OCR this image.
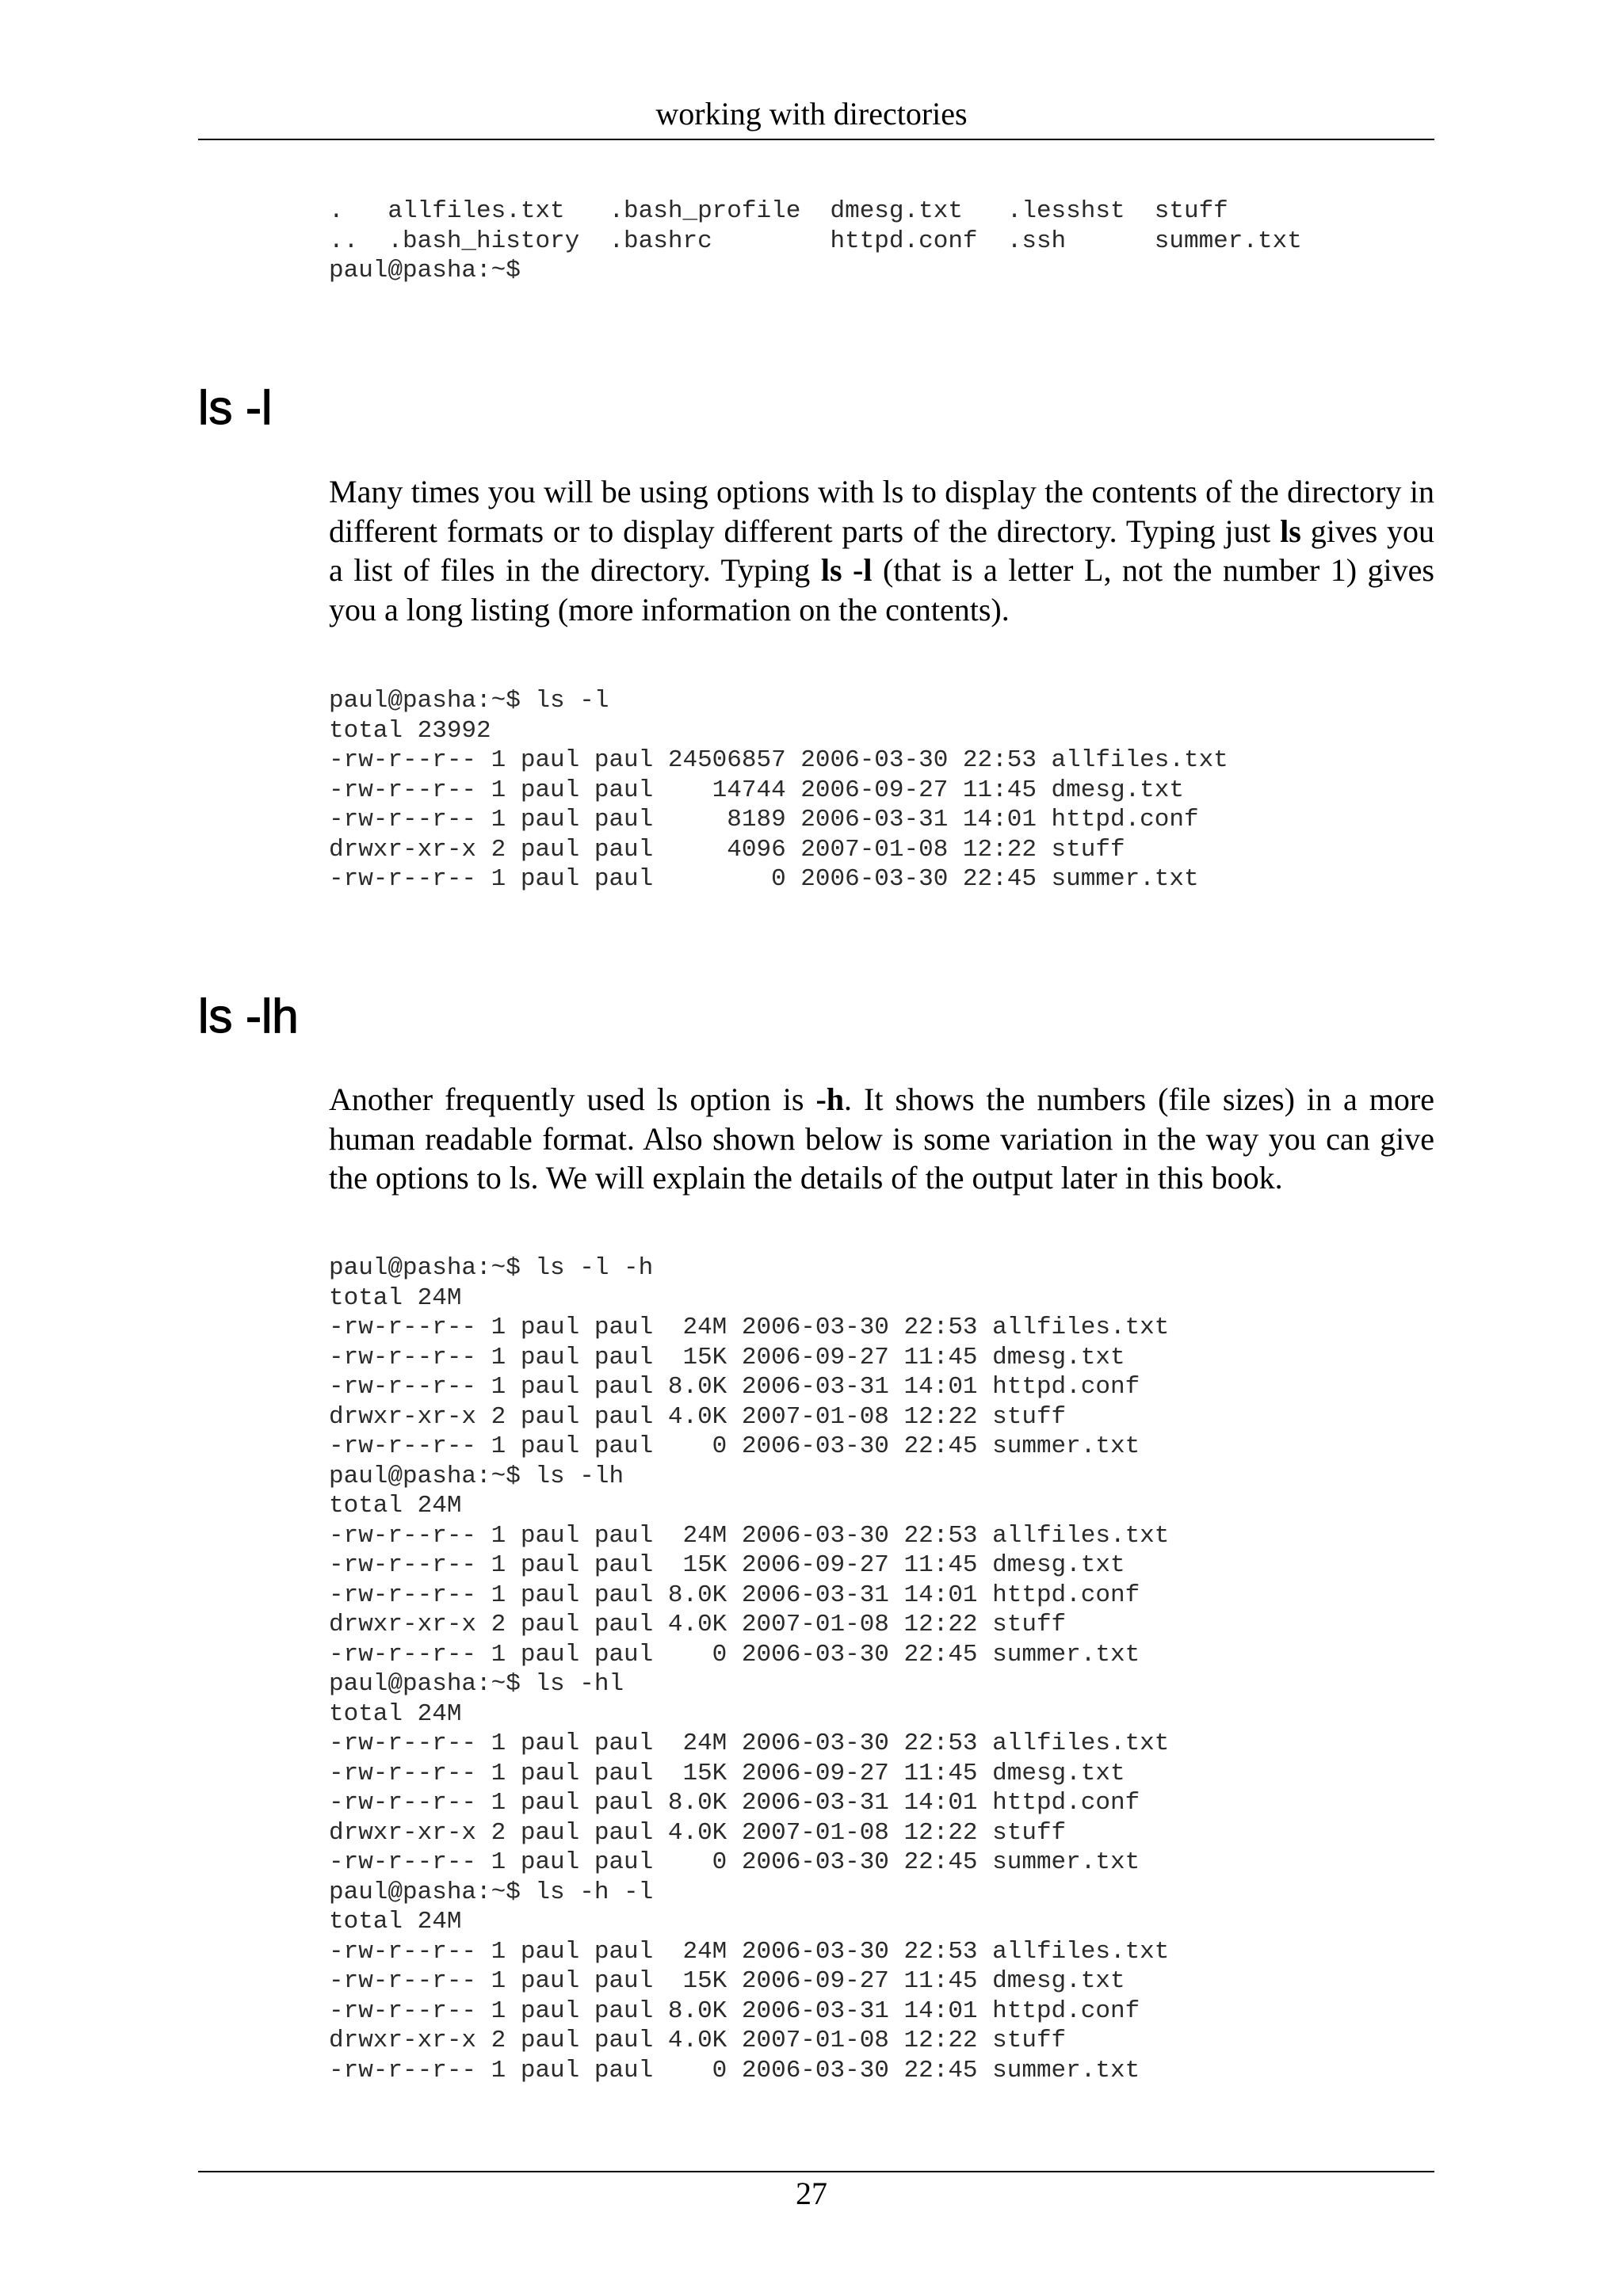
working with directories
.   allfiles.txt   .bash_profile  dmesg.txt   .lesshst  stuff
..  .bash_history  .bashrc        httpd.conf  .ssh      summer.txt
paul@pasha:~$
ls -l

Many times you will be using options with ls to display the contents of the directory in different formats or to display different parts of the directory. Typing just ls gives you a list of files in the directory. Typing ls -l (that is a letter L, not the number 1) gives you a long listing (more information on the contents).

paul@pasha:~$ ls -l
total 23992
-rw-r--r-- 1 paul paul 24506857 2006-03-30 22:53 allfiles.txt
-rw-r--r-- 1 paul paul    14744 2006-09-27 11:45 dmesg.txt
-rw-r--r-- 1 paul paul     8189 2006-03-31 14:01 httpd.conf
drwxr-xr-x 2 paul paul     4096 2007-01-08 12:22 stuff
-rw-r--r-- 1 paul paul        0 2006-03-30 22:45 summer.txt
ls -lh

Another frequently used ls option is -h. It shows the numbers (file sizes) in a more human readable format. Also shown below is some variation in the way you can give the options to ls. We will explain the details of the output later in this book.

paul@pasha:~$ ls -l -h
total 24M
-rw-r--r-- 1 paul paul  24M 2006-03-30 22:53 allfiles.txt
-rw-r--r-- 1 paul paul  15K 2006-09-27 11:45 dmesg.txt
-rw-r--r-- 1 paul paul 8.0K 2006-03-31 14:01 httpd.conf
drwxr-xr-x 2 paul paul 4.0K 2007-01-08 12:22 stuff
-rw-r--r-- 1 paul paul    0 2006-03-30 22:45 summer.txt
paul@pasha:~$ ls -lh
total 24M
-rw-r--r-- 1 paul paul  24M 2006-03-30 22:53 allfiles.txt
-rw-r--r-- 1 paul paul  15K 2006-09-27 11:45 dmesg.txt
-rw-r--r-- 1 paul paul 8.0K 2006-03-31 14:01 httpd.conf
drwxr-xr-x 2 paul paul 4.0K 2007-01-08 12:22 stuff
-rw-r--r-- 1 paul paul    0 2006-03-30 22:45 summer.txt
paul@pasha:~$ ls -hl
total 24M
-rw-r--r-- 1 paul paul  24M 2006-03-30 22:53 allfiles.txt
-rw-r--r-- 1 paul paul  15K 2006-09-27 11:45 dmesg.txt
-rw-r--r-- 1 paul paul 8.0K 2006-03-31 14:01 httpd.conf
drwxr-xr-x 2 paul paul 4.0K 2007-01-08 12:22 stuff
-rw-r--r-- 1 paul paul    0 2006-03-30 22:45 summer.txt
paul@pasha:~$ ls -h -l
total 24M
-rw-r--r-- 1 paul paul  24M 2006-03-30 22:53 allfiles.txt
-rw-r--r-- 1 paul paul  15K 2006-09-27 11:45 dmesg.txt
-rw-r--r-- 1 paul paul 8.0K 2006-03-31 14:01 httpd.conf
drwxr-xr-x 2 paul paul 4.0K 2007-01-08 12:22 stuff
-rw-r--r-- 1 paul paul    0 2006-03-30 22:45 summer.txt
27
